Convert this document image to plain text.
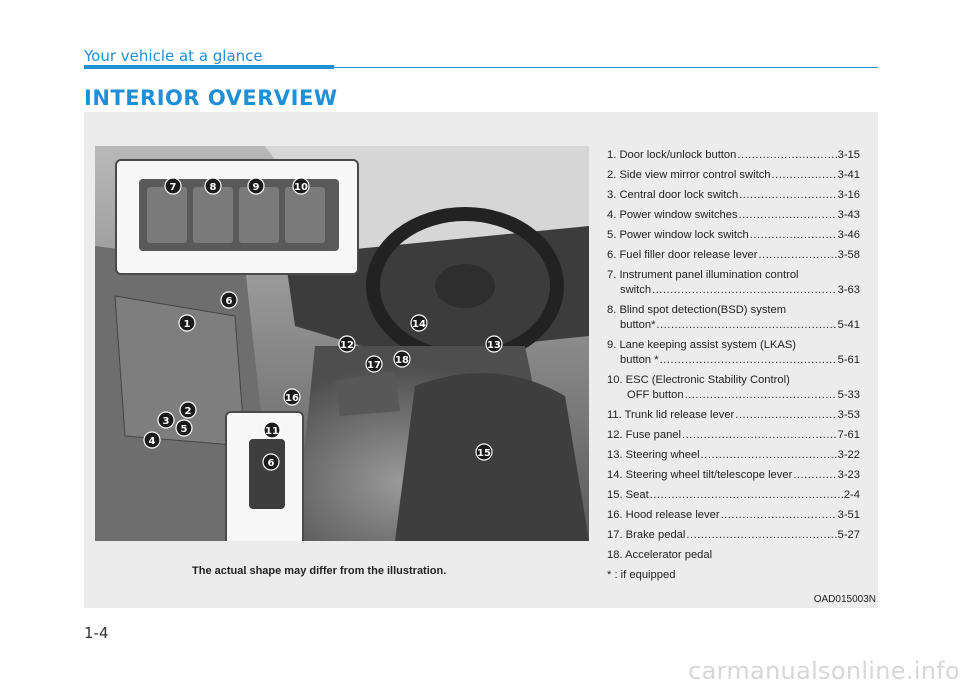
Your vehicle at a glance
INTERIOR OVERVIEW
7	8	9	10
1
2
3
4
5
6
11
6
12	13
14
15
16
17 18
The actual shape may differ from the illustration.
OAD015003N
1. Door lock/unlock button .....	3-15
2. Side view mirror control switch .....	3-41
3. Central door lock switch .....	3-16
4. Power window switches .....	3-43
5. Power window lock switch .....	3-46
6. Fuel filler door release lever .....	3-58
7. Instrument panel illumination control
switch .....	3-63
8. Blind spot detection(BSD) system
button* .....	5-41
9. Lane keeping assist system (LKAS)
button * .....	5-61
10. ESC (Electronic Stability Control)
OFF button .....	5-33
11. Trunk lid release lever .....	3-53
12. Fuse panel .....	7-61
13. Steering wheel .....	3-22
14. Steering wheel tilt/telescope lever .....	3-23
15. Seat .....	2-4
16. Hood release lever .....	3-51
17. Brake pedal .....	5-27
18. Accelerator pedal
* : if equipped
1-4
carmanualsonline.info
